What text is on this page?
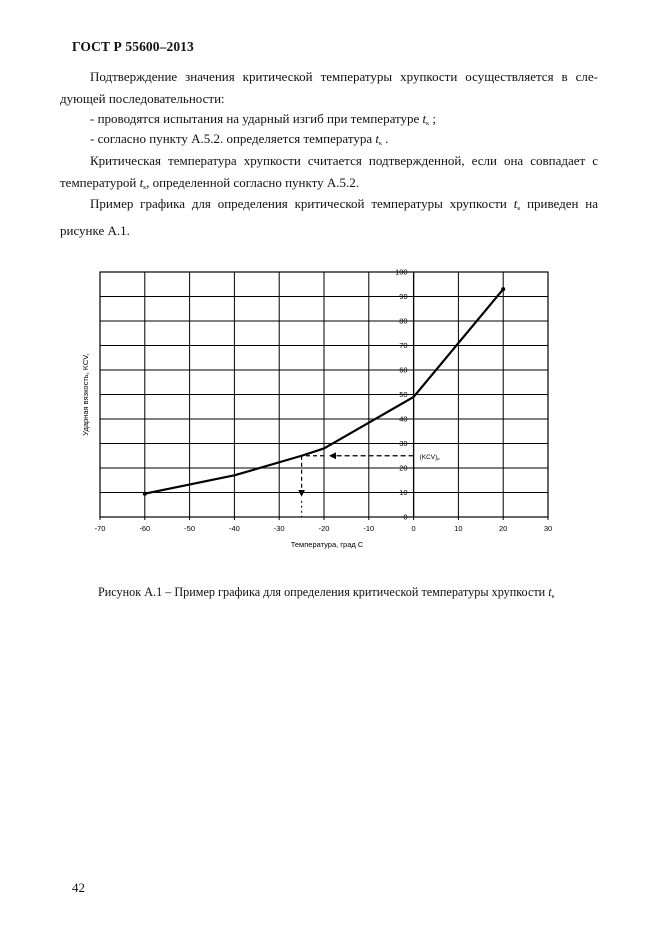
ГОСТ Р 55600–2013

Подтверждение значения критической температуры хрупкости осуществляется в сле-дующей последовательности:

- проводятся испытания на ударный изгиб при температуре tк ;

- согласно пункту А.5.2. определяется температура tк .

Критическая температура хрупкости считается подтвержденной, если она совпадает с температурой tк, определенной согласно пункту А.5.2.

Пример графика для определения критической температуры хрупкости tк приведен на рисунке А.1.

-70	-60	-50	-40	-30	-20	-10	0	10	20	30
0
10
20
30
40
50
60
70
80
90
100
$(KCV)_F$
Температура, град С
Ударная вязкость, KCV,
Рисунок А.1 – Пример графика для определения критической температуры хрупкости tк
42
